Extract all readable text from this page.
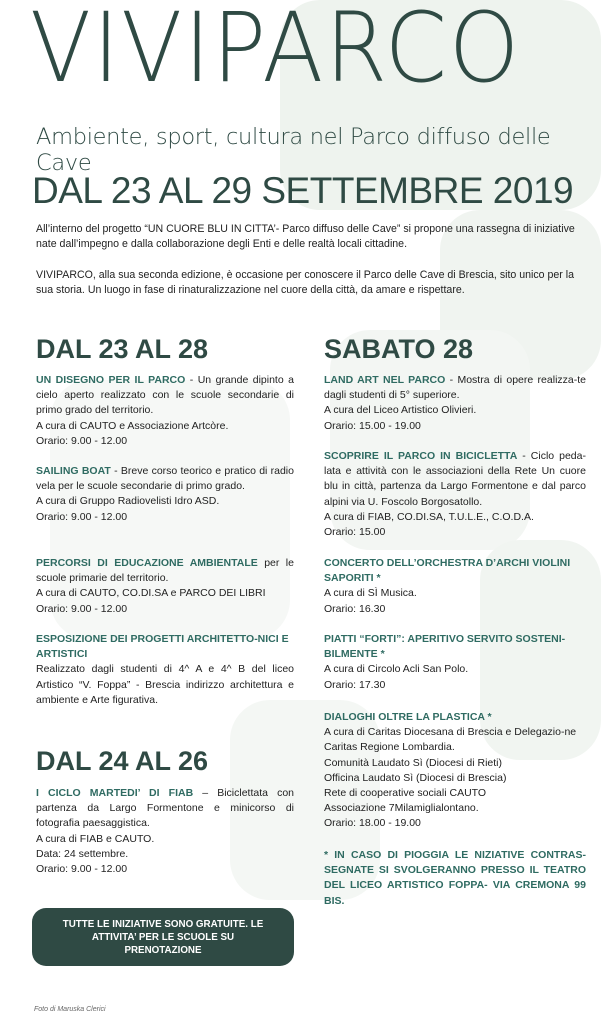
VIVIPARCO
Ambiente, sport, cultura nel Parco diffuso delle Cave
DAL 23 AL 29 SETTEMBRE 2019
All’interno del progetto “UN CUORE BLU IN CITTA’- Parco diffuso delle Cave” si propone una rassegna di iniziative nate dall’impegno e dalla collaborazione degli Enti e delle realtà locali cittadine.
VIVIPARCO, alla sua seconda edizione, è occasione per conoscere il Parco delle Cave di Brescia, sito unico per la sua storia. Un luogo in fase di rinaturalizzazione nel cuore della città, da amare e rispettare.
DAL 23 AL 28
UN DISEGNO PER IL PARCO - Un grande dipinto a cielo aperto realizzato con le scuole secondarie di primo grado del territorio.
A cura di CAUTO e Associazione Artcòre.
Orario: 9.00 - 12.00
SAILING BOAT - Breve corso teorico e pratico di radio vela per le scuole secondarie di primo grado.
A cura di Gruppo Radiovelisti Idro ASD.
Orario: 9.00 - 12.00
PERCORSI DI EDUCAZIONE AMBIENTALE per le scuole primarie del territorio.
A cura di CAUTO, CO.DI.SA e PARCO DEI LIBRI
Orario: 9.00 - 12.00
ESPOSIZIONE DEI PROGETTI ARCHITETTO-NICI E ARTISTICI
Realizzato dagli studenti di 4^ A e 4^ B del liceo Artistico “V. Foppa” - Brescia indirizzo architettura e ambiente e Arte figurativa.
DAL 24 AL 26
I CICLO MARTEDI’ DI FIAB – Biciclettata con partenza da Largo Formentone e minicorso di fotografia paesaggistica.
A cura di FIAB e CAUTO.
Data: 24 settembre.
Orario: 9.00 - 12.00
TUTTE LE INIZIATIVE SONO GRATUITE. LE ATTIVITA’ PER LE SCUOLE SU PRENOTAZIONE
SABATO 28
LAND ART NEL PARCO - Mostra di opere realizza-te dagli studenti di 5° superiore.
A cura del Liceo Artistico Olivieri.
Orario: 15.00 - 19.00
SCOPRIRE IL PARCO IN BICICLETTA - Ciclo peda-lata e attività con le associazioni della Rete Un cuore blu in città, partenza da Largo Formentone e dal parco alpini via U. Foscolo Borgosatollo.
A cura di FIAB, CO.DI.SA, T.U.L.E., C.O.D.A.
Orario: 15.00
CONCERTO DELL’ORCHESTRA D’ARCHI VIOLINI SAPORITI *
A cura di SÌ Musica.
Orario: 16.30
PIATTI “FORTI”: APERITIVO SERVITO SOSTENI-BILMENTE *
A cura di Circolo Acli San Polo.
Orario: 17.30
DIALOGHI OLTRE LA PLASTICA *
A cura di Caritas Diocesana di Brescia e Delegazio-ne Caritas Regione Lombardia.
Comunità Laudato Sì (Diocesi di Rieti)
Officina Laudato Sì (Diocesi di Brescia)
Rete di cooperative sociali CAUTO
Associazione 7Milamiglialontano.
Orario: 18.00 - 19.00
* IN CASO DI PIOGGIA LE NIZIATIVE CONTRAS-SEGNATE SI SVOLGERANNO PRESSO IL TEATRO DEL LICEO ARTISTICO FOPPA- VIA CREMONA 99 BIS.
Foto di Maruska Clerici
